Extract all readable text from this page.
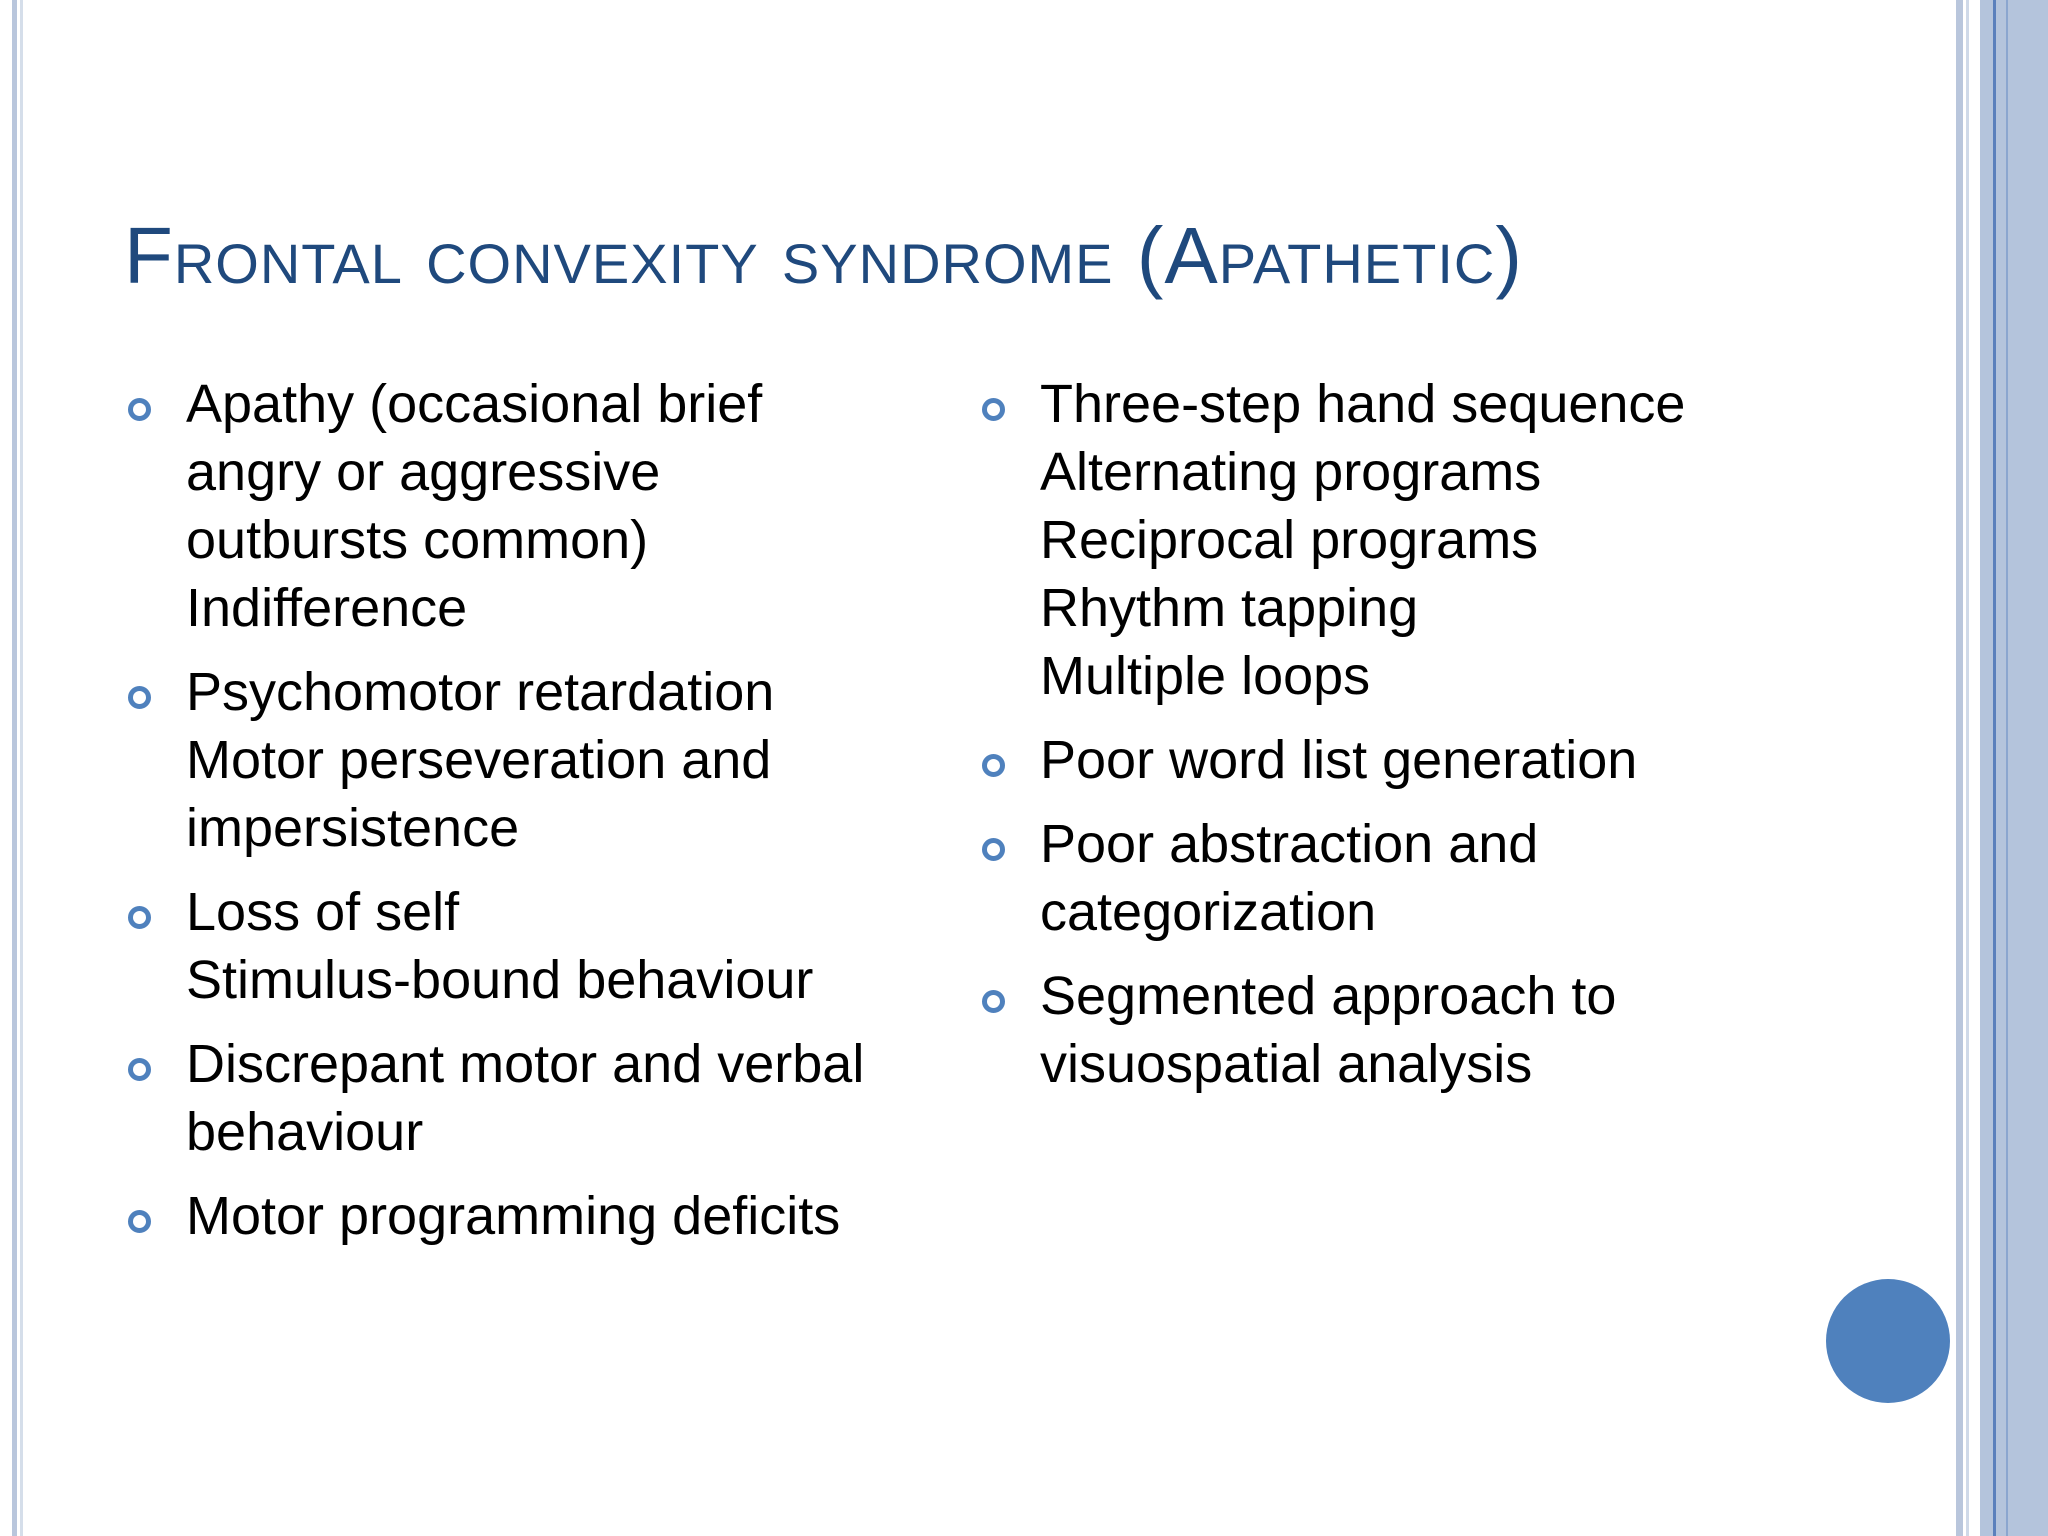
Frontal convexity syndrome (Apathetic)
Apathy (occasional brief
angry or aggressive
outbursts common)
Indifference
Psychomotor retardation
Motor perseveration and
impersistence
Loss of self
Stimulus-bound behaviour
Discrepant motor and verbal
behaviour
Motor programming deficits
Three-step hand sequence
Alternating programs
Reciprocal programs
Rhythm tapping
Multiple loops
Poor word list generation
Poor abstraction and
categorization
Segmented approach to
visuospatial analysis
